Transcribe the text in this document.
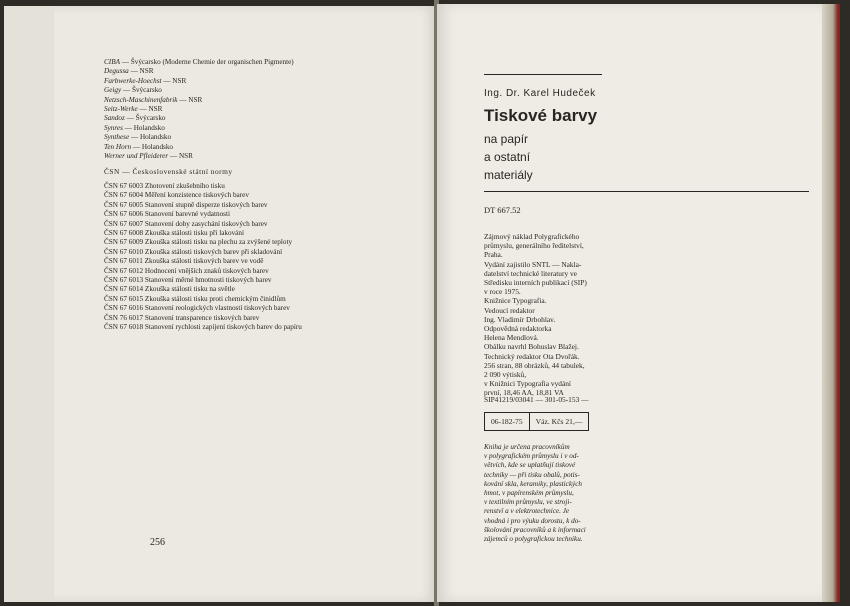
CIBA — Švýcarsko (Moderne Chemie der organischen Pigmente)
Degussa — NSR
Farbwerke-Hoechst — NSR
Geigy — Švýcarsko
Netzsch-Maschinenfabrik — NSR
Seitz-Werke — NSR
Sandoz — Švýcarsko
Synres — Holandsko
Synthese — Holandsko
Ten Horn — Holandsko
Werner und Pfleiderer — NSR
ČSN — Československé státní normy
ČSN 67 6003 Zhotovení zkušebního tisku
ČSN 67 6004 Měření konzistence tiskových barev
ČSN 67 6005 Stanovení stupně disperze tiskových barev
ČSN 67 6006 Stanovení barevné vydatnosti
ČSN 67 6007 Stanovení doby zasychání tiskových barev
ČSN 67 6008 Zkouška stálosti tisku při lakování
ČSN 67 6009 Zkouška stálosti tisku na plechu za zvýšené teploty
ČSN 67 6010 Zkouška stálosti tiskových barev při skladování
ČSN 67 6011 Zkouška stálosti tiskových barev ve vodě
ČSN 67 6012 Hodnocení vnějších znaků tiskových barev
ČSN 67 6013 Stanovení měrné hmotnosti tiskových barev
ČSN 67 6014 Zkouška stálosti tisku na světle
ČSN 67 6015 Zkouška stálosti tisku proti chemickým činidlům
ČSN 67 6016 Stanovení reologických vlastností tiskových barev
ČSN 76 6017 Stanovení transparence tiskových barev
ČSN 67 6018 Stanovení rychlosti zapíjení tiskových barev do papíru
256
Ing. Dr. Karel Hudeček
Tiskové barvy
na papír
a ostatní
materiály
DT 667.52
Zájmový náklad Polygrafického
průmyslu, generálního ředitelství,
Praha.
Vydání zajistilo SNTL — Nakla-
datelství technické literatury ve
Středisku interních publikací (SIP)
v roce 1975.
Knižnice Typografia.
Vedoucí redaktor
Ing. Vladimír Drbohlav.
Odpovědná redaktorka
Helena Mendlová.
Obálku navrhl Bohuslav Blažej.
Technický redaktor Ota Dvořák.
256 stran, 88 obrázků, 44 tabulek,
2 090 výtisků,
v Knižnici Typografia vydání
první, 18,46 AA, 18,81 VA
SIP41219/03041 — 301-05-153 —
06-182-75	Váz. Kčs 21,—
Kniha je určena pracovníkům
v polygrafickém průmyslu i v od-
větvích, kde se uplatňují tiskové
techniky — při tisku obalů, potis-
kování skla, keramiky, plastických
hmot, v papírenském průmyslu,
v textilním průmyslu, ve stroji-
renství a v elektrotechnice. Je
vhodná i pro výuku dorostu, k do-
školování pracovníků a k informaci
zájemců o polygrafickou techniku.
